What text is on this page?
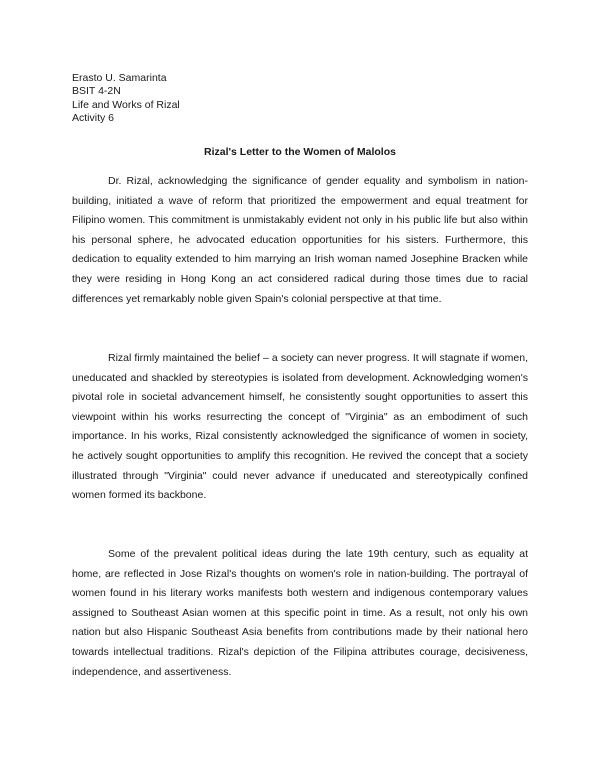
Erasto U. Samarinta
BSIT 4-2N
Life and Works of Rizal
Activity 6
Rizal's Letter to the Women of Malolos

Dr. Rizal, acknowledging the significance of gender equality and symbolism in nation-building, initiated a wave of reform that prioritized the empowerment and equal treatment for Filipino women. This commitment is unmistakably evident not only in his public life but also within his personal sphere, he advocated education opportunities for his sisters. Furthermore, this dedication to equality extended to him marrying an Irish woman named Josephine Bracken while they were residing in Hong Kong an act considered radical during those times due to racial differences yet remarkably noble given Spain's colonial perspective at that time.

Rizal firmly maintained the belief – a society can never progress. It will stagnate if women, uneducated and shackled by stereotypies is isolated from development. Acknowledging women's pivotal role in societal advancement himself, he consistently sought opportunities to assert this viewpoint within his works resurrecting the concept of "Virginia" as an embodiment of such importance. In his works, Rizal consistently acknowledged the significance of women in society, he actively sought opportunities to amplify this recognition. He revived the concept that a society illustrated through "Virginia" could never advance if uneducated and stereotypically confined women formed its backbone.

Some of the prevalent political ideas during the late 19th century, such as equality at home, are reflected in Jose Rizal's thoughts on women's role in nation-building. The portrayal of women found in his literary works manifests both western and indigenous contemporary values assigned to Southeast Asian women at this specific point in time. As a result, not only his own nation but also Hispanic Southeast Asia benefits from contributions made by their national hero towards intellectual traditions. Rizal's depiction of the Filipina attributes courage, decisiveness, independence, and assertiveness.
